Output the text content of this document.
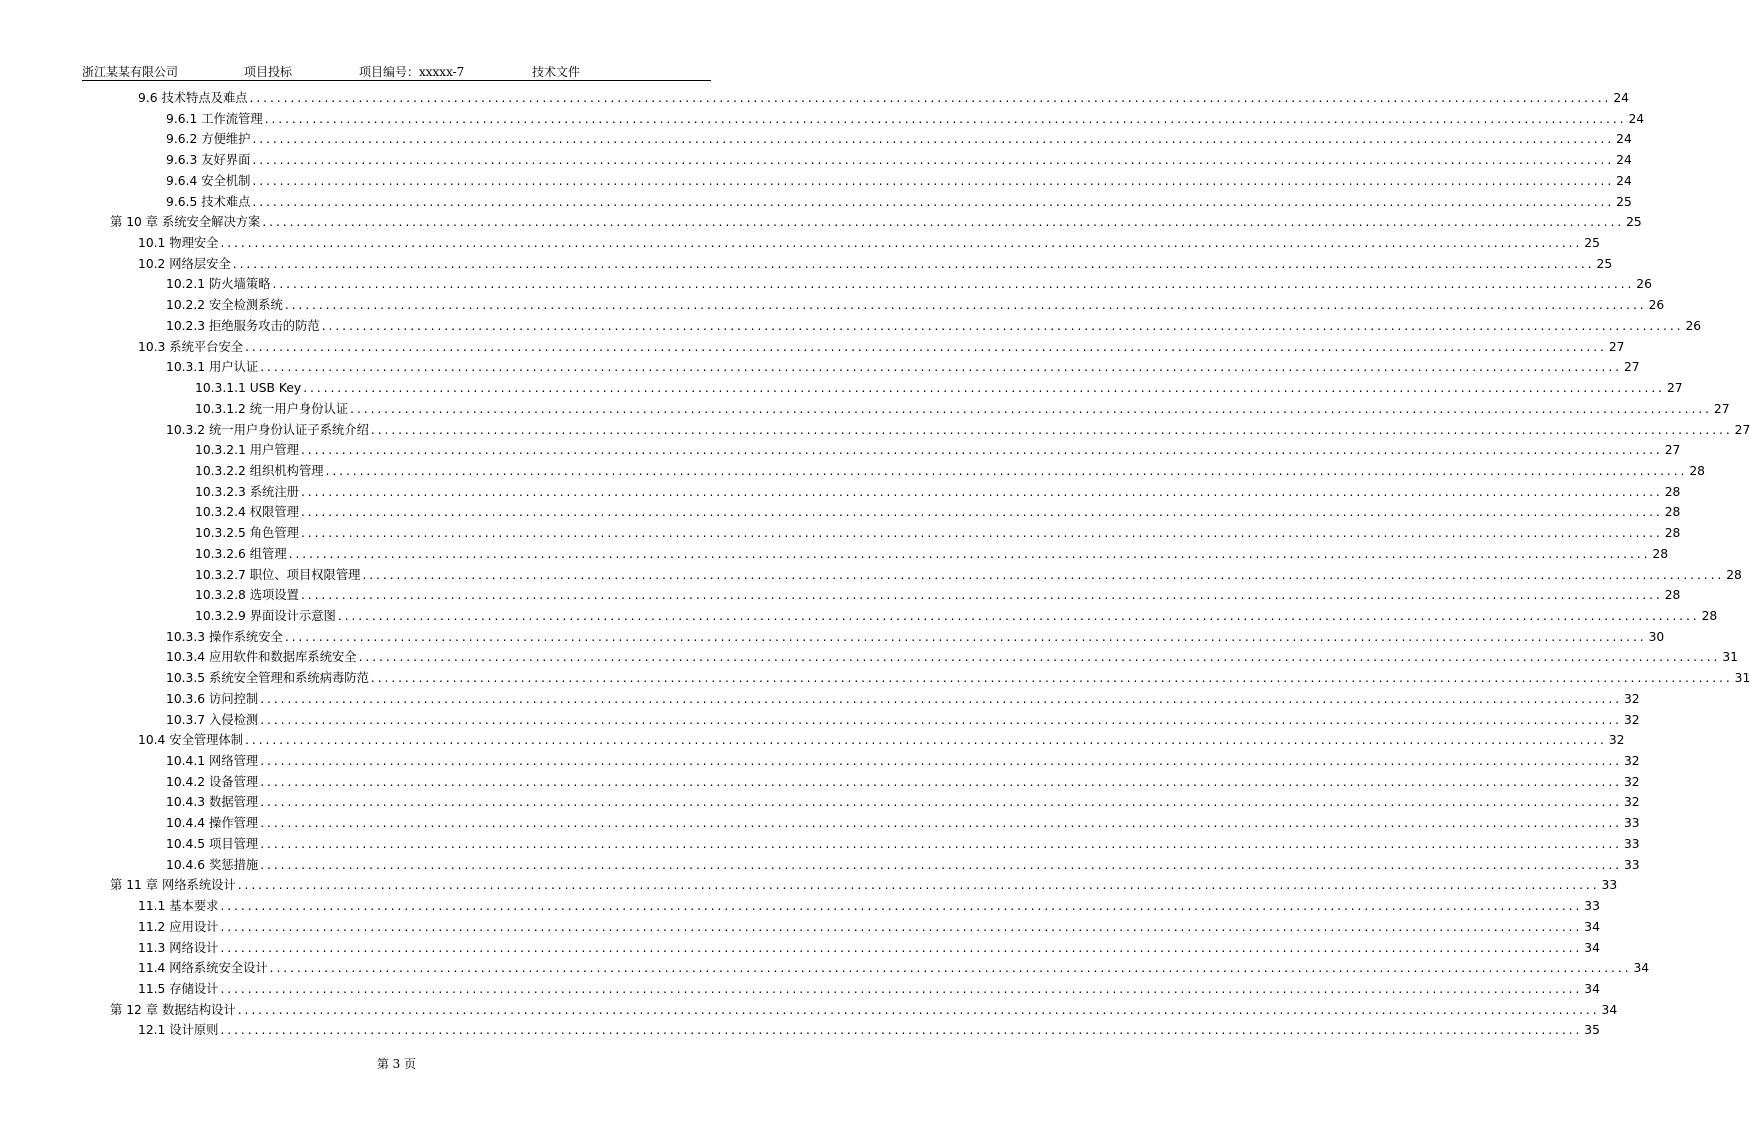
浙江某某有限公司	项目投标	项目编号：xxxxx-7	技术文件
9.6 技术特点及难点 ........................................................................................................................................................................................................ 24
9.6.1 工作流管理 ........................................................................................................................................................................................................ 24
9.6.2 方便维护 ........................................................................................................................................................................................................ 24
9.6.3 友好界面 ........................................................................................................................................................................................................ 24
9.6.4 安全机制 ........................................................................................................................................................................................................ 24
9.6.5 技术难点 ........................................................................................................................................................................................................ 25
第 10 章 系统安全解决方案 ........................................................................................................................................................................................................ 25
10.1 物理安全 ........................................................................................................................................................................................................ 25
10.2 网络层安全 ........................................................................................................................................................................................................ 25
10.2.1 防火墙策略 ........................................................................................................................................................................................................ 26
10.2.2 安全检测系统 ........................................................................................................................................................................................................ 26
10.2.3 拒绝服务攻击的防范 ........................................................................................................................................................................................................ 26
10.3 系统平台安全 ........................................................................................................................................................................................................ 27
10.3.1 用户认证 ........................................................................................................................................................................................................ 27
10.3.1.1 USB Key ........................................................................................................................................................................................................ 27
10.3.1.2 统一用户身份认证 ........................................................................................................................................................................................................ 27
10.3.2 统一用户身份认证子系统介绍 ........................................................................................................................................................................................................ 27
10.3.2.1 用户管理 ........................................................................................................................................................................................................ 27
10.3.2.2 组织机构管理 ........................................................................................................................................................................................................ 28
10.3.2.3 系统注册 ........................................................................................................................................................................................................ 28
10.3.2.4 权限管理 ........................................................................................................................................................................................................ 28
10.3.2.5 角色管理 ........................................................................................................................................................................................................ 28
10.3.2.6 组管理 ........................................................................................................................................................................................................ 28
10.3.2.7 职位、项目权限管理 ........................................................................................................................................................................................................ 28
10.3.2.8 选项设置 ........................................................................................................................................................................................................ 28
10.3.2.9 界面设计示意图 ........................................................................................................................................................................................................ 28
10.3.3 操作系统安全 ........................................................................................................................................................................................................ 30
10.3.4 应用软件和数据库系统安全 ........................................................................................................................................................................................................ 31
10.3.5 系统安全管理和系统病毒防范 ........................................................................................................................................................................................................ 31
10.3.6 访问控制 ........................................................................................................................................................................................................ 32
10.3.7 入侵检测 ........................................................................................................................................................................................................ 32
10.4 安全管理体制 ........................................................................................................................................................................................................ 32
10.4.1 网络管理 ........................................................................................................................................................................................................ 32
10.4.2 设备管理 ........................................................................................................................................................................................................ 32
10.4.3 数据管理 ........................................................................................................................................................................................................ 32
10.4.4 操作管理 ........................................................................................................................................................................................................ 33
10.4.5 项目管理 ........................................................................................................................................................................................................ 33
10.4.6 奖惩措施 ........................................................................................................................................................................................................ 33
第 11 章 网络系统设计 ........................................................................................................................................................................................................ 33
11.1 基本要求 ........................................................................................................................................................................................................ 33
11.2 应用设计 ........................................................................................................................................................................................................ 34
11.3 网络设计 ........................................................................................................................................................................................................ 34
11.4 网络系统安全设计 ........................................................................................................................................................................................................ 34
11.5 存储设计 ........................................................................................................................................................................................................ 34
第 12 章 数据结构设计 ........................................................................................................................................................................................................ 34
12.1 设计原则 ........................................................................................................................................................................................................ 35
第 3 页
